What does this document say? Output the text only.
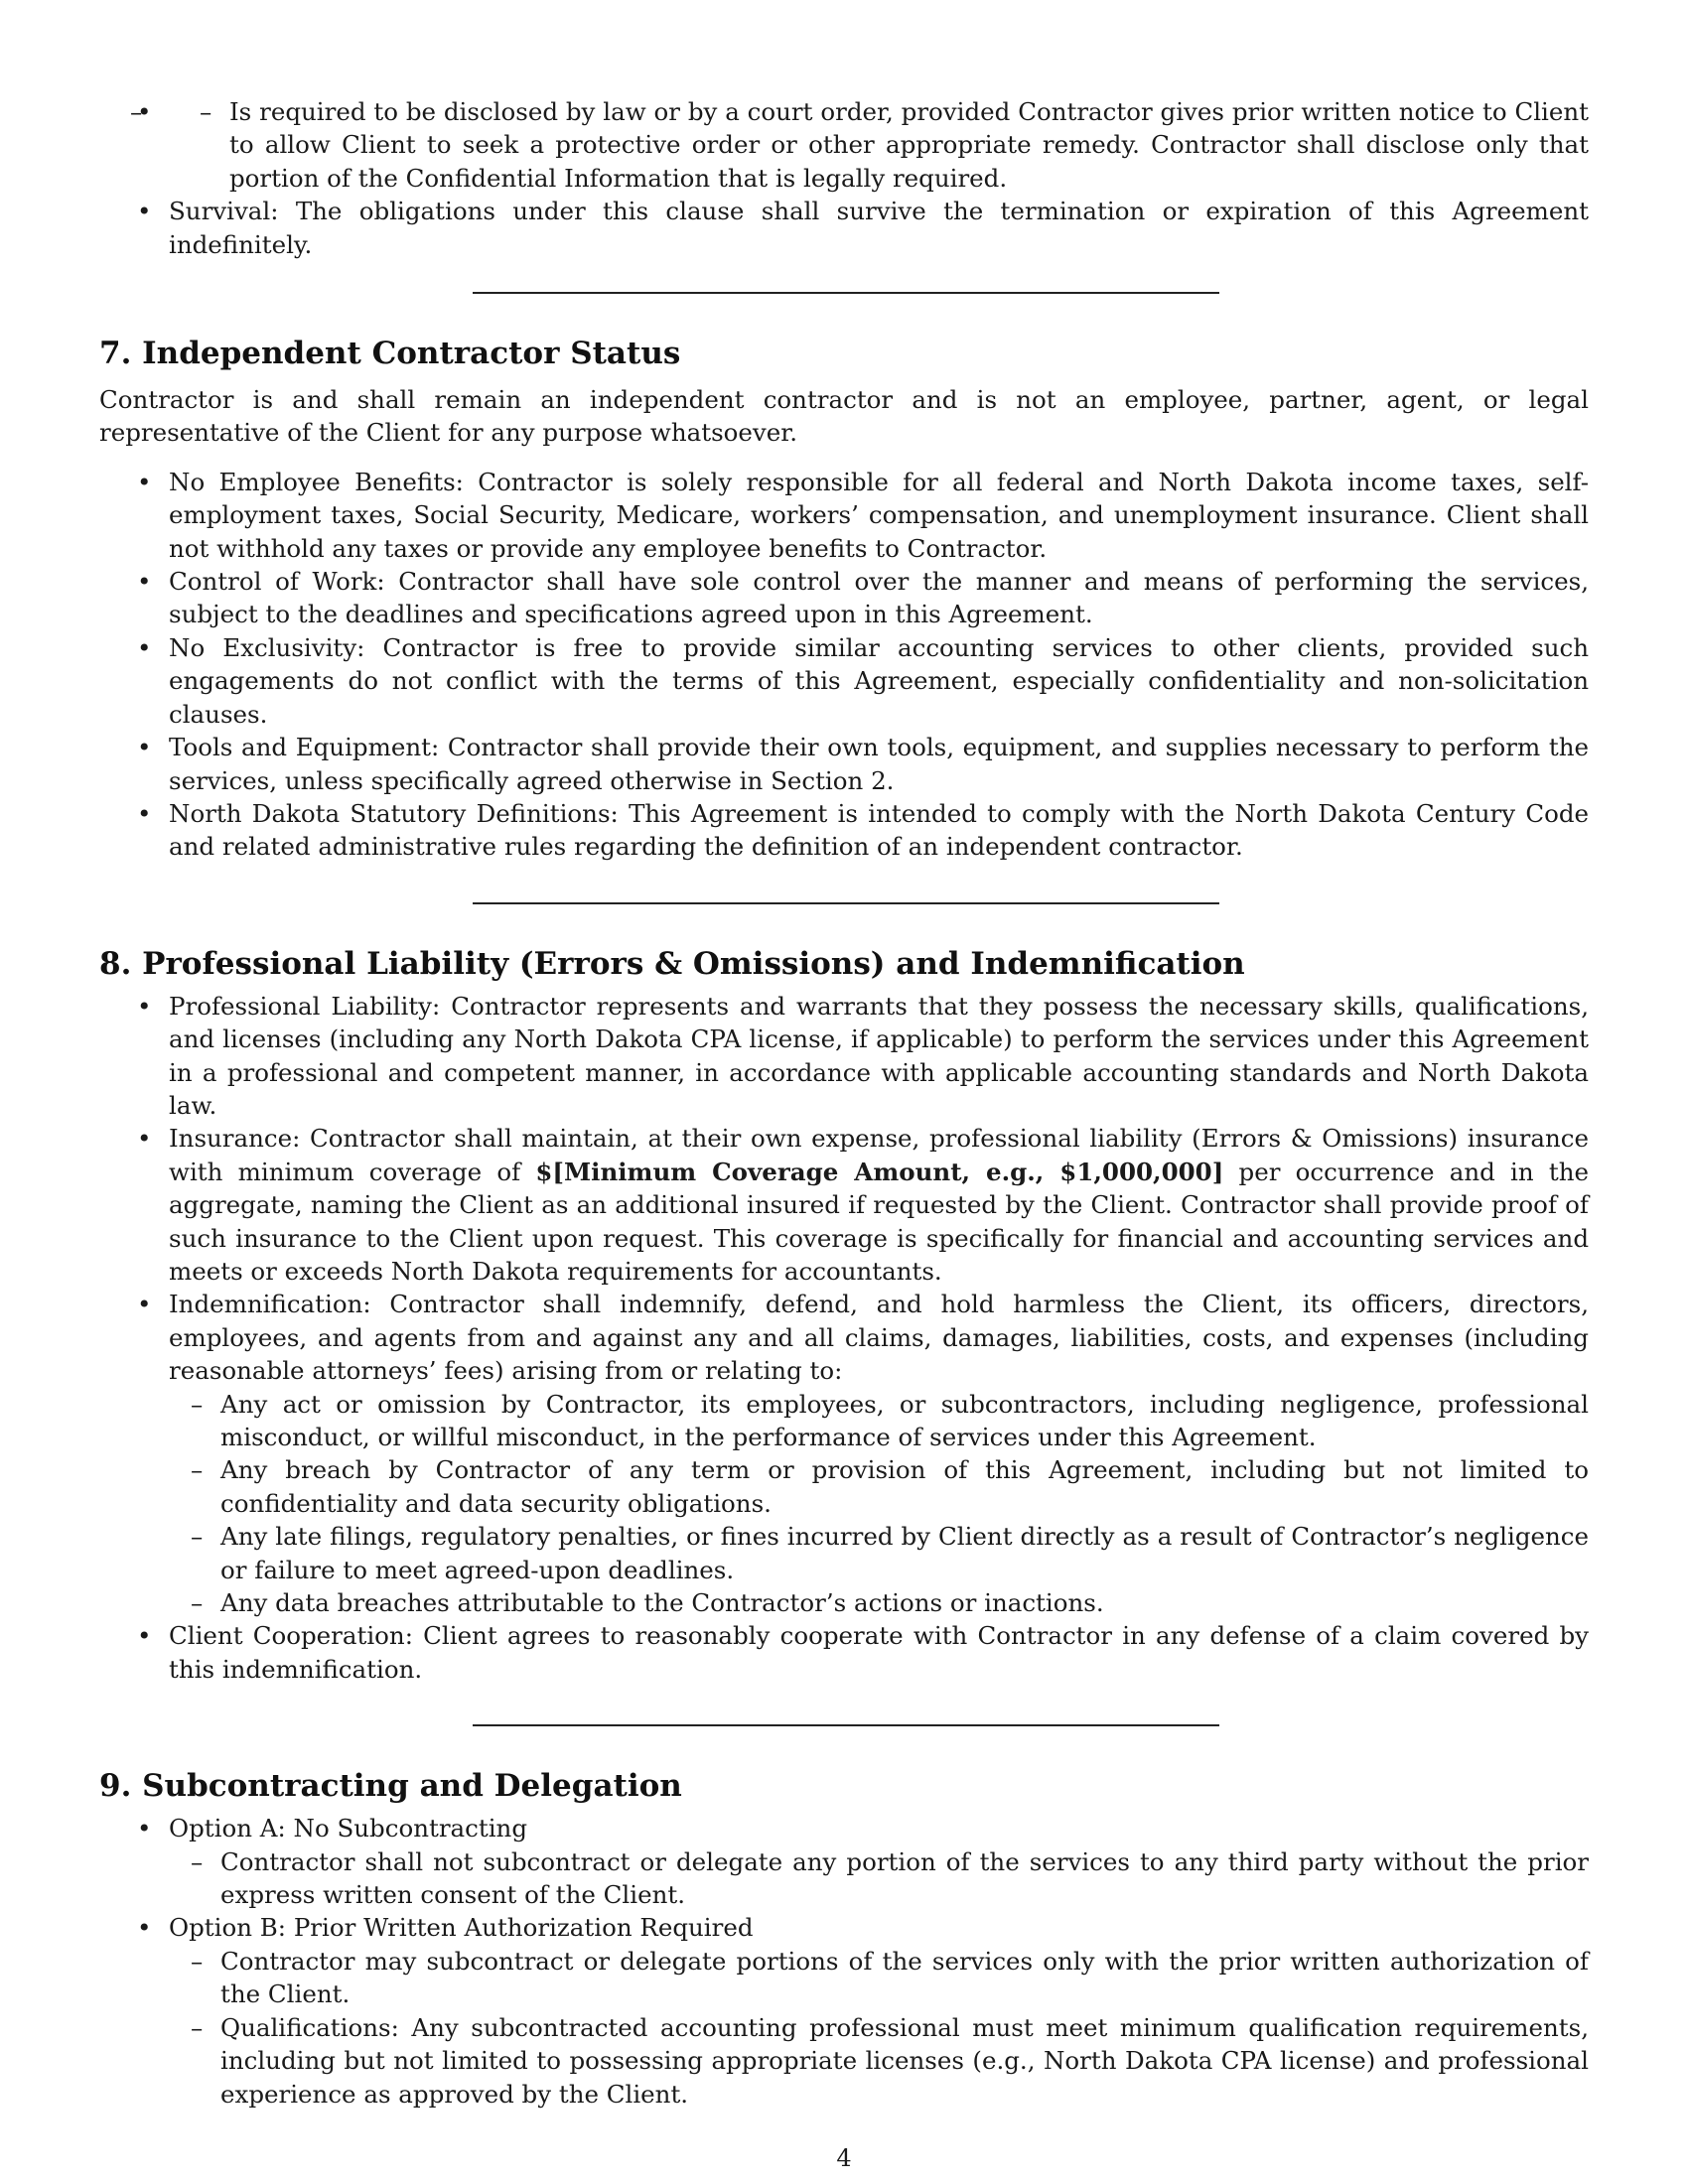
– • – Is required to be disclosed by law or by a court order, provided Contractor gives prior written notice to Client to allow Client to seek a protective order or other appropriate remedy. Contractor shall disclose only that portion of the Confidential Information that is legally required.
• Survival: The obligations under this clause shall survive the termination or expiration of this Agreement indefinitely.
7. Independent Contractor Status

Contractor is and shall remain an independent contractor and is not an employee, partner, agent, or legal representative of the Client for any purpose whatsoever.

• No Employee Benefits: Contractor is solely responsible for all federal and North Dakota income taxes, self-employment taxes, Social Security, Medicare, workers’ compensation, and unemployment insurance. Client shall not withhold any taxes or provide any employee benefits to Contractor.
• Control of Work: Contractor shall have sole control over the manner and means of performing the services, subject to the deadlines and specifications agreed upon in this Agreement.
• No Exclusivity: Contractor is free to provide similar accounting services to other clients, provided such engagements do not conflict with the terms of this Agreement, especially confidentiality and non-solicitation clauses.
• Tools and Equipment: Contractor shall provide their own tools, equipment, and supplies necessary to perform the services, unless specifically agreed otherwise in Section 2.
• North Dakota Statutory Definitions: This Agreement is intended to comply with the North Dakota Century Code and related administrative rules regarding the definition of an independent contractor.
8. Professional Liability (Errors & Omissions) and Indemnification
• Professional Liability: Contractor represents and warrants that they possess the necessary skills, qualifications, and licenses (including any North Dakota CPA license, if applicable) to perform the services under this Agreement in a professional and competent manner, in accordance with applicable accounting standards and North Dakota law.
• Insurance: Contractor shall maintain, at their own expense, professional liability (Errors & Omissions) insurance with minimum coverage of $[Minimum Coverage Amount, e.g., $1,000,000] per occurrence and in the aggregate, naming the Client as an additional insured if requested by the Client. Contractor shall provide proof of such insurance to the Client upon request. This coverage is specifically for financial and accounting services and meets or exceeds North Dakota requirements for accountants.
• Indemnification: Contractor shall indemnify, defend, and hold harmless the Client, its officers, directors, employees, and agents from and against any and all claims, damages, liabilities, costs, and expenses (including reasonable attorneys’ fees) arising from or relating to:
– Any act or omission by Contractor, its employees, or subcontractors, including negligence, professional misconduct, or willful misconduct, in the performance of services under this Agreement.
– Any breach by Contractor of any term or provision of this Agreement, including but not limited to confidentiality and data security obligations.
– Any late filings, regulatory penalties, or fines incurred by Client directly as a result of Contractor’s negligence or failure to meet agreed-upon deadlines.
– Any data breaches attributable to the Contractor’s actions or inactions.
• Client Cooperation: Client agrees to reasonably cooperate with Contractor in any defense of a claim covered by this indemnification.
9. Subcontracting and Delegation
• Option A: No Subcontracting
– Contractor shall not subcontract or delegate any portion of the services to any third party without the prior express written consent of the Client.
• Option B: Prior Written Authorization Required
– Contractor may subcontract or delegate portions of the services only with the prior written authorization of the Client.
– Qualifications: Any subcontracted accounting professional must meet minimum qualification requirements, including but not limited to possessing appropriate licenses (e.g., North Dakota CPA license) and professional experience as approved by the Client.
4
